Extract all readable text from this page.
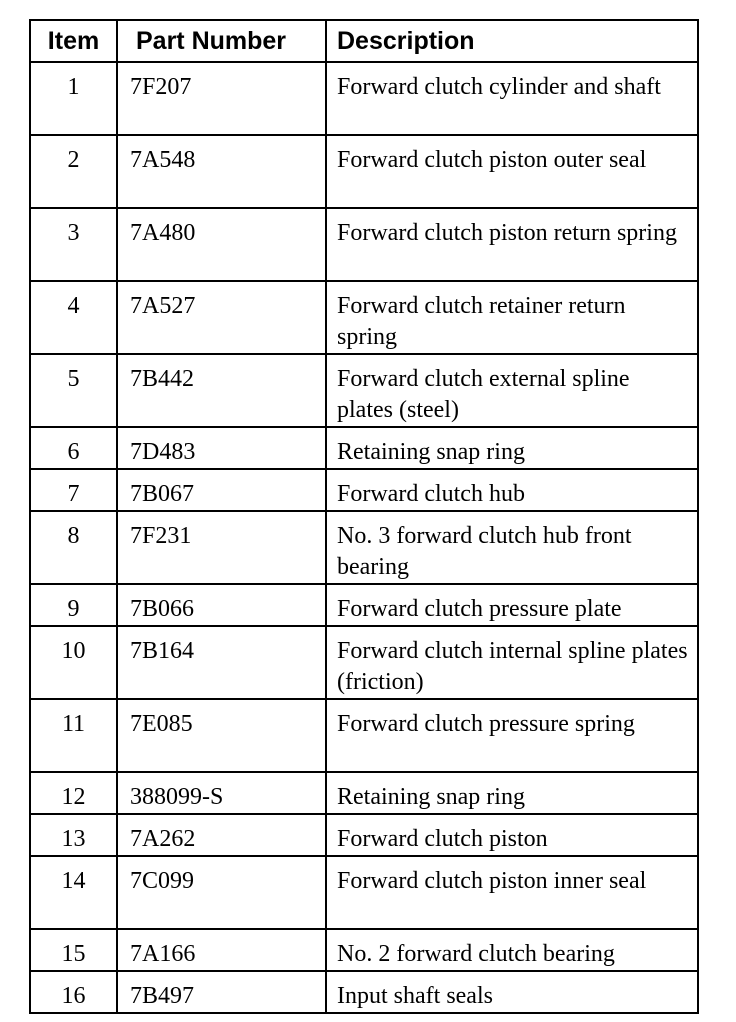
Item	Part Number	Description
1	7F207	Forward clutch cylinder and shaft
2	7A548	Forward clutch piston outer seal
3	7A480	Forward clutch piston return spring
4	7A527	Forward clutch retainer return spring
5	7B442	Forward clutch external spline plates (steel)
6	7D483	Retaining snap ring
7	7B067	Forward clutch hub
8	7F231	No. 3 forward clutch hub front bearing
9	7B066	Forward clutch pressure plate
10	7B164	Forward clutch internal spline plates (friction)
11	7E085	Forward clutch pressure spring
12	388099-S	Retaining snap ring
13	7A262	Forward clutch piston
14	7C099	Forward clutch piston inner seal
15	7A166	No. 2 forward clutch bearing
16	7B497	Input shaft seals
